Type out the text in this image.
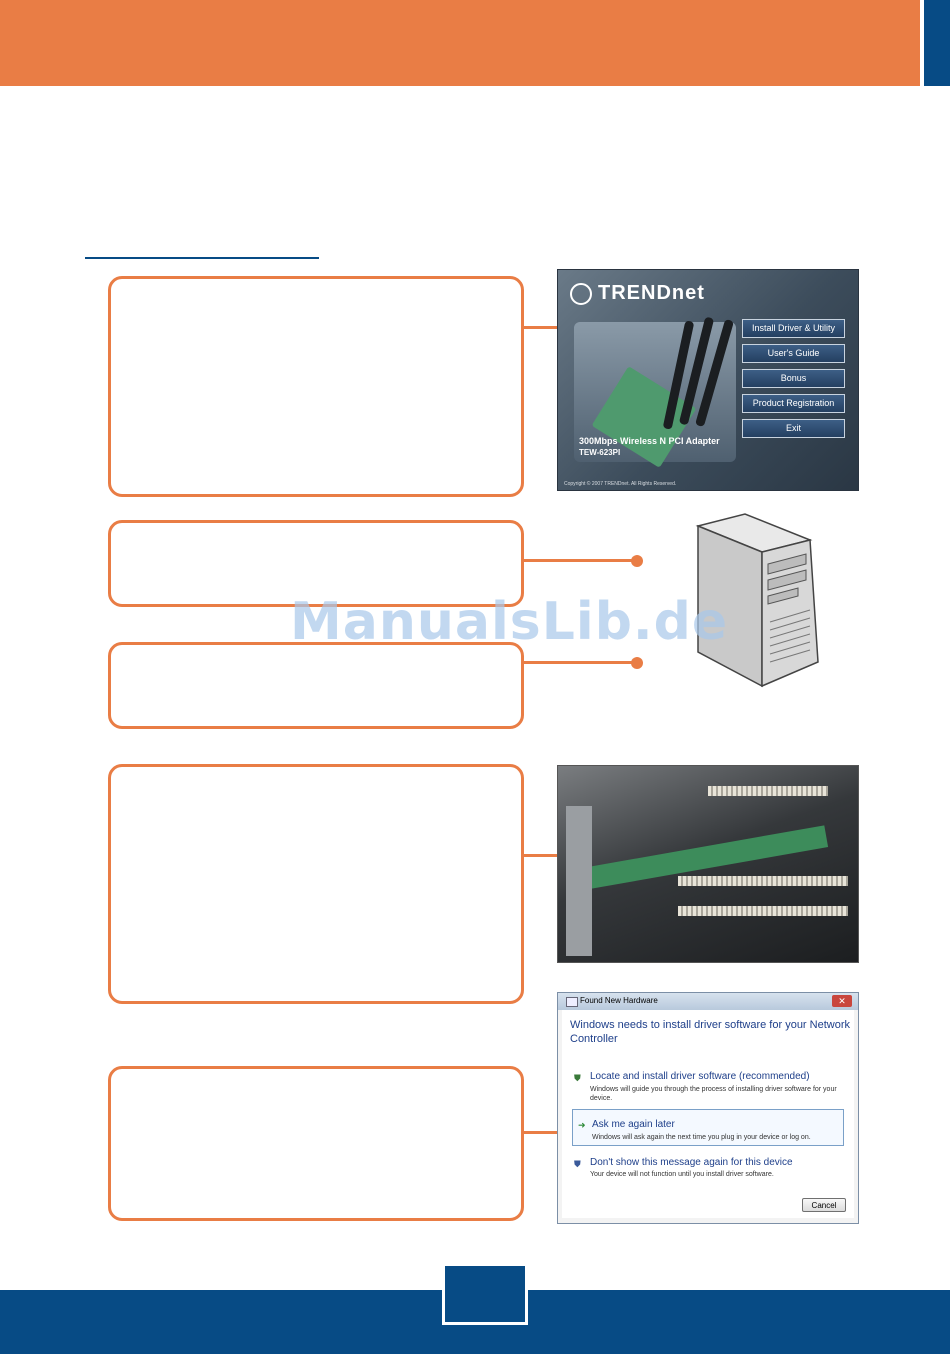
TRENDnet
300Mbps Wireless N PCI Adapter
TEW-623PI
Install Driver & Utility
User's Guide
Bonus
Product Registration
Exit
Copyright © 2007 TRENDnet. All Rights Reserved.
Found New Hardware	✕
Windows needs to install driver software for your Network Controller
⛊ Locate and install driver software (recommended)
Windows will guide you through the process of installing driver software for your device.
➜ Ask me again later
Windows will ask again the next time you plug in your device or log on.
⛊ Don't show this message again for this device
Your device will not function until you install driver software.
Cancel
ManualsLib.de
